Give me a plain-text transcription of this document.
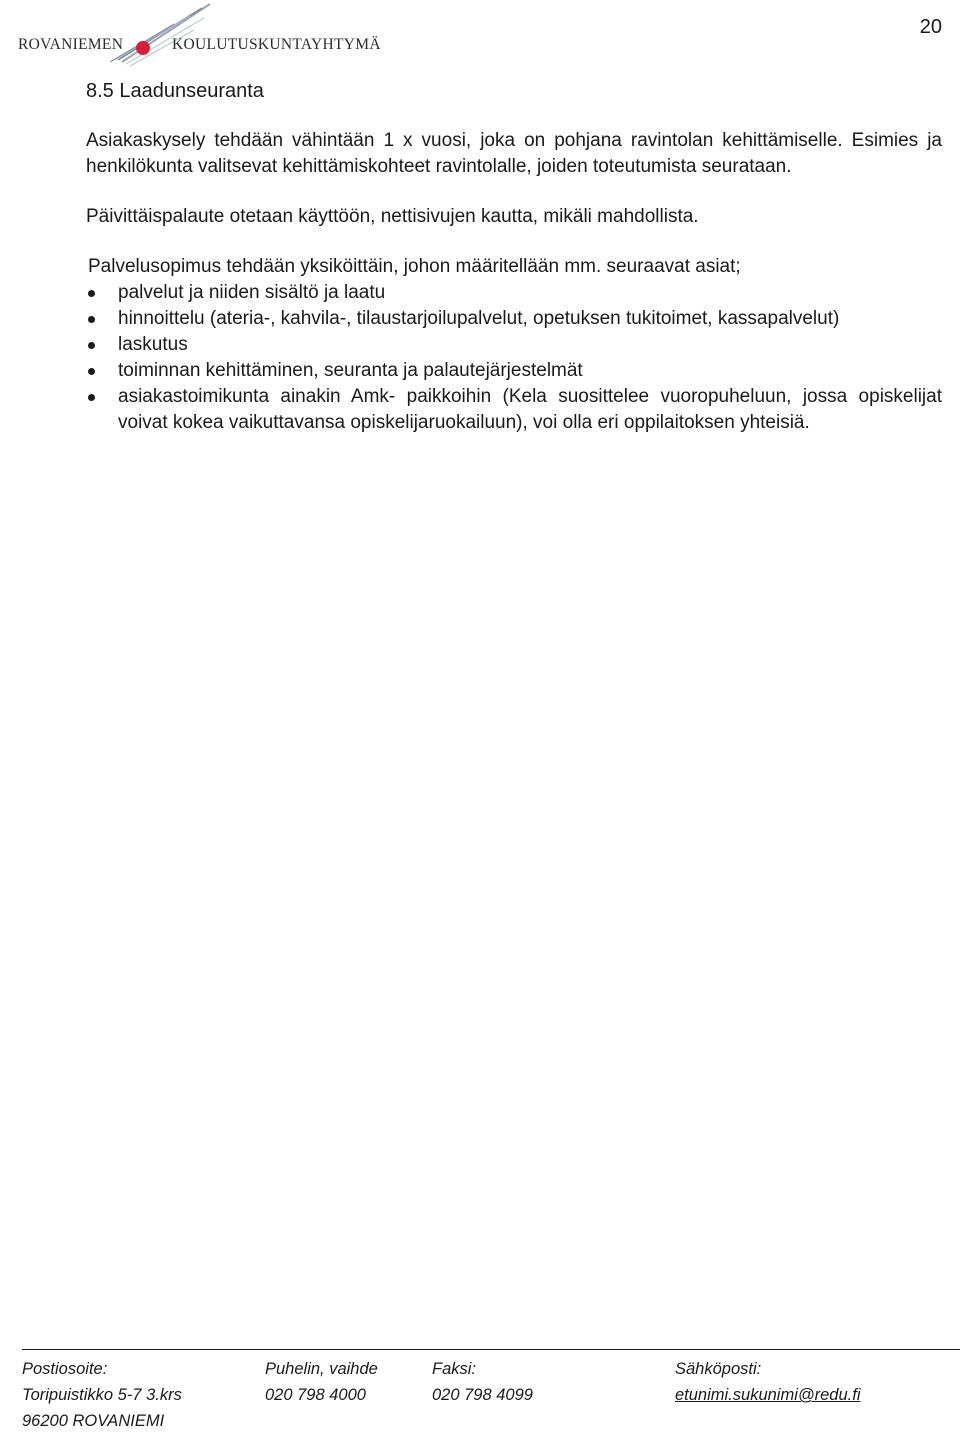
ROVANIEMEN	KOULUTUSKUNTAYHTYMÄ
20
8.5 Laadunseuranta

Asiakaskysely tehdään vähintään 1 x vuosi, joka on pohjana ravintolan kehittämiselle. Esimies ja henkilökunta valitsevat kehittämiskohteet ravintolalle, joiden toteutumista seurataan.

Päivittäispalaute otetaan käyttöön, nettisivujen kautta, mikäli mahdollista.

Palvelusopimus tehdään yksiköittäin, johon määritellään mm. seuraavat asiat;

palvelut ja niiden sisältö ja laatu
hinnoittelu (ateria-, kahvila-, tilaustarjoilupalvelut, opetuksen tukitoimet, kassapalvelut)
laskutus
toiminnan kehittäminen, seuranta ja palautejärjestelmät
asiakastoimikunta ainakin Amk- paikkoihin (Kela suosittelee vuoropuheluun, jossa opiskelijat voivat kokea vaikuttavansa opiskelijaruokailuun), voi olla eri oppilaitoksen yhteisiä.
Postiosoite:
Toripuistikko 5-7 3.krs
96200 ROVANIEMI
Puhelin, vaihde
020 798 4000
Faksi:
020 798 4099
Sähköposti:
etunimi.sukunimi@redu.fi
